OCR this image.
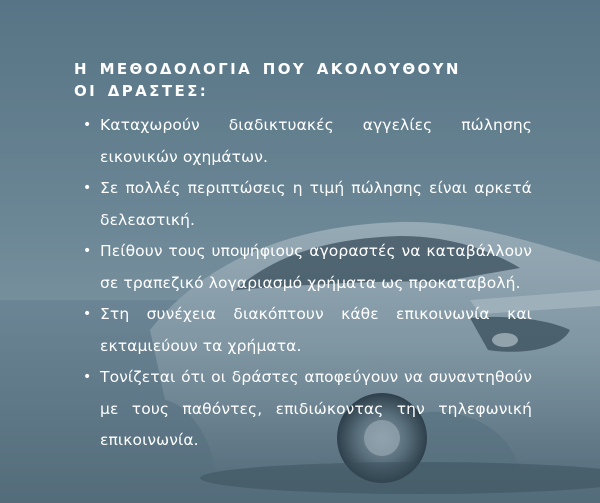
Η ΜΕΘΟΔΟΛΟΓΙΑ ΠΟΥ ΑΚΟΛΟΥΘΟΥΝ
ΟΙ ΔΡΑΣΤΕΣ:
• Καταχωρούν διαδικτυακές αγγελίες πώλησης εικονικών οχημάτων.
• Σε πολλές περιπτώσεις η τιμή πώλησης είναι αρκετά δελεαστική.
• Πείθουν τους υποψήφιους αγοραστές να καταβάλλουν σε τραπεζικό λογαριασμό χρήματα ως προκαταβολή.
• Στη συνέχεια διακόπτουν κάθε επικοινωνία και εκταμιεύουν τα χρήματα.
• Τονίζεται ότι οι δράστες αποφεύγουν να συναντηθούν με τους παθόντες, επιδιώκοντας την τηλεφωνική επικοινωνία.
